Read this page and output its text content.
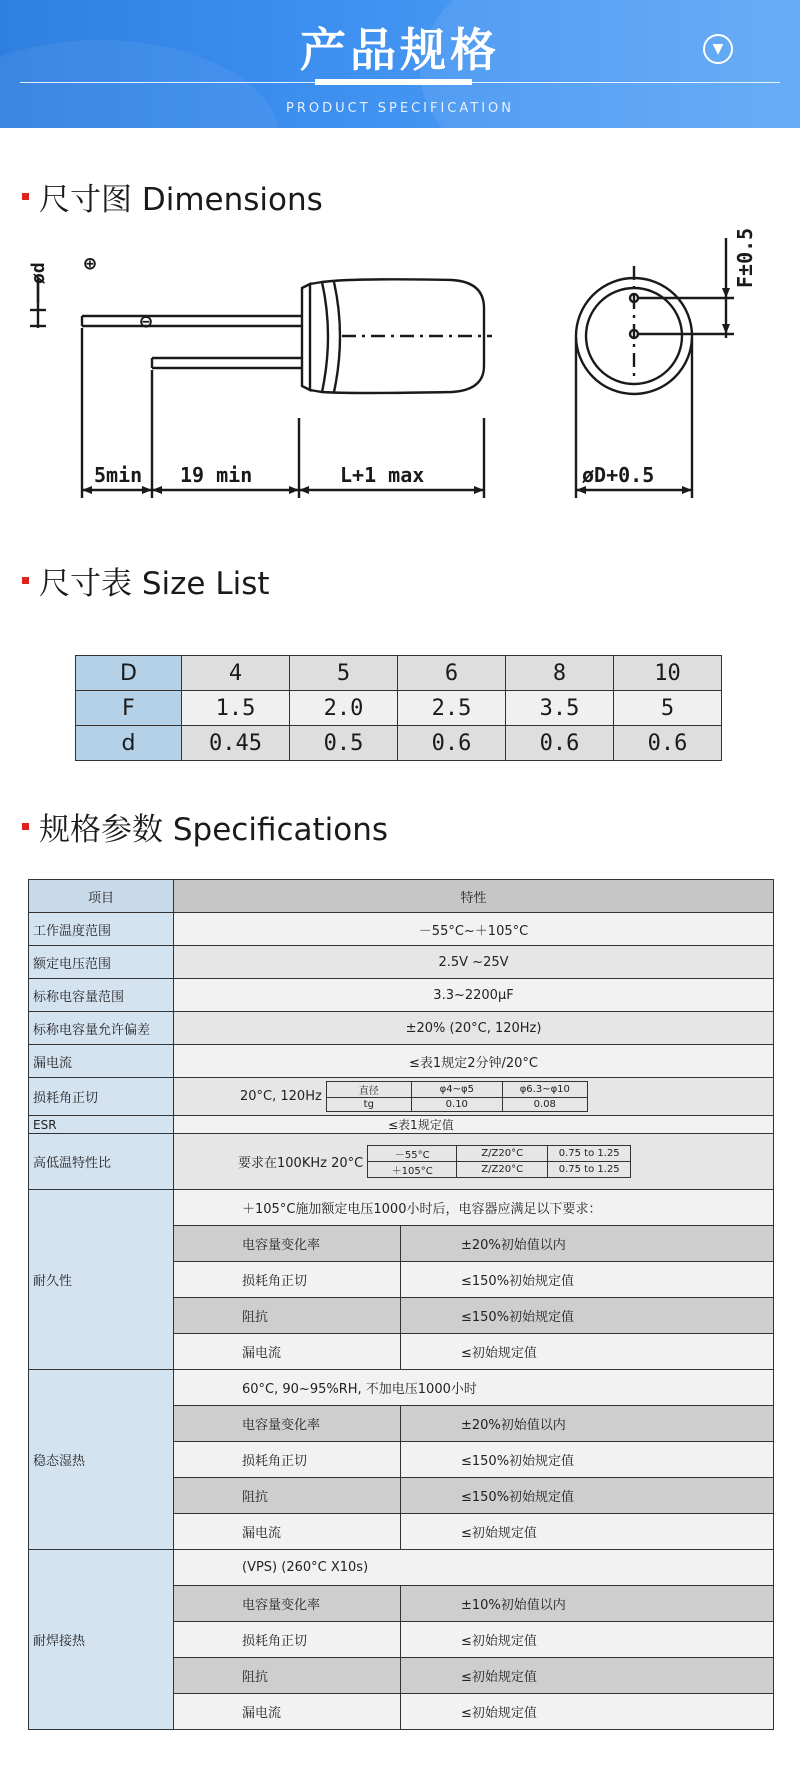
产品规格
PRODUCT SPECIFICATION
▼
尺寸图 Dimensions
5min 19 min	L+1 max	øD+0.5
⊕
⊖
ød	F±0.5
尺寸表 Size List
D	4	5	6	8	10
F	1.5	2.0	2.5	3.5	5
d	0.45	0.5	0.6	0.6	0.6
规格参数 Specifications
项目	特性
工作温度范围	－55°C~＋105°C
额定电压范围	2.5V ~25V
标称电容量范围	3.3~2200μF
标称电容量允许偏差	±20% (20°C, 120Hz)
漏电流	≤表1规定2分钟/20°C
损耗角正切	20°C, 120Hz	直径	φ4~φ5	φ6.3~φ10
tg	0.10	0.08

ESR	≤表1规定值
高低温特性比	要求在100KHz 20°C
－55°C	Z/Z20°C	0.75 to 1.25
＋105°C	Z/Z20°C	0.75 to 1.25

耐久性	＋105°C施加额定电压1000小时后，电容器应满足以下要求：
电容量变化率	±20%初始值以内
损耗角正切	≤150%初始规定值
阻抗	≤150%初始规定值
漏电流	≤初始规定值
稳态湿热	60°C, 90~95%RH, 不加电压1000小时
电容量变化率	±20%初始值以内
损耗角正切	≤150%初始规定值
阻抗	≤150%初始规定值
漏电流	≤初始规定值
耐焊接热	(VPS) (260°C X10s)
电容量变化率	±10%初始值以内
损耗角正切	≤初始规定值
阻抗	≤初始规定值
漏电流	≤初始规定值
